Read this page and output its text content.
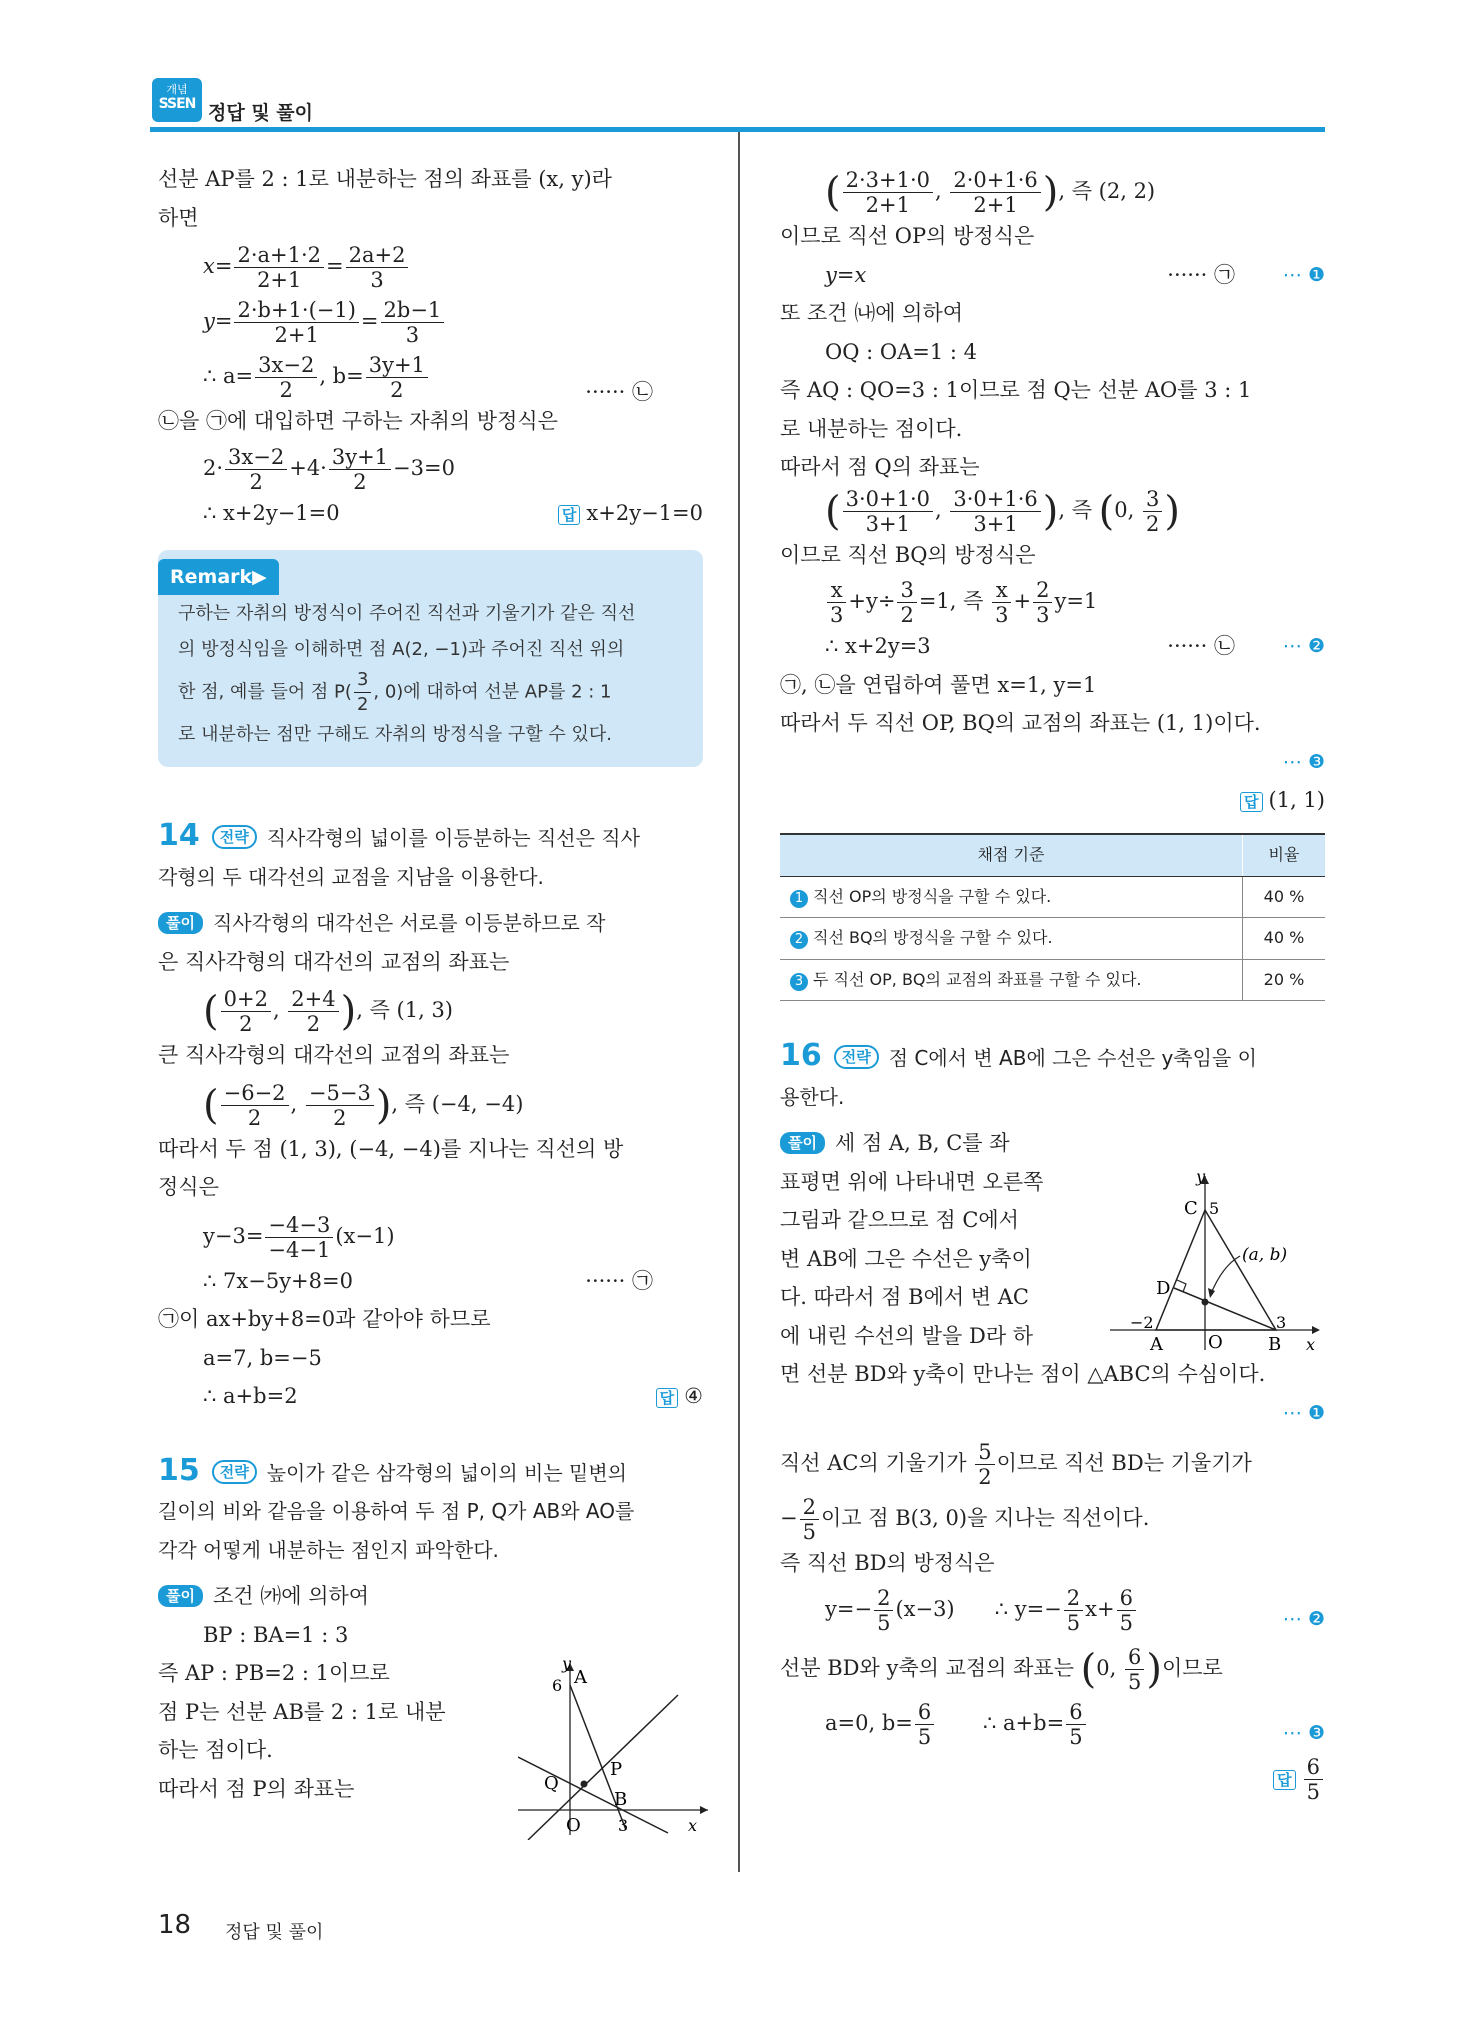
개념
SSEN 정답 및 풀이

선분 AP를 2 : 1로 내분하는 점의 좌표를 (x, y)라

하면

$x= \frac{2\cdot a+1\cdot 2}{2+1} = \frac{2a+2}{3}$

$y= \frac{2\cdot b+1\cdot(-1)}{2+1} = \frac{2b-1}{3}$

∴ $a= \frac{3x-2}{2}$ , $b= \frac{3y+1}{2}$	······ ㉡

㉡을 ㉠에 대입하면 구하는 자취의 방정식은

$2\cdot \frac{3x-2}{2} +4\cdot \frac{3y+1}{2} -3=0$

∴ x+2y−1=0	답 x+2y−1=0

Remark▶
구하는 자취의 방정식이 주어진 직선과 기울기가 같은 직선
의 방정식임을 이해하면 점 A(2, −1)과 주어진 직선 위의
한 점, 예를 들어 점 $P( \frac{3}{2}$ , 0)에 대하여 선분 AP를 2 : 1
로 내분하는 점만 구해도 자취의 방정식을 구할 수 있다.

14 전략 직사각형의 넓이를 이등분하는 직선은 직사

각형의 두 대각선의 교점을 지남을 이용한다.

풀이 직사각형의 대각선은 서로를 이등분하므로 작

은 직사각형의 대각선의 교점의 좌표는

( $\frac{0+2}{2}$ , $\frac{2+4}{2}$ ), 즉 (1, 3)

큰 직사각형의 대각선의 교점의 좌표는

( $\frac{-6-2}{2}$ , $\frac{-5-3}{2}$ ), 즉 (−4, −4)

따라서 두 점 (1, 3), (−4, −4)를 지나는 직선의 방

정식은

$y-3= \frac{-4-3}{-4-1} (x-1)$

∴ 7x−5y+8=0	······ ㉠

㉠이 ax+by+8=0과 같아야 하므로

a=7, b=−5

∴ a+b=2	답 ④

15 전략 높이가 같은 삼각형의 넓이의 비는 밑변의

길이의 비와 같음을 이용하여 두 점 P, Q가 AB와 AO를

각각 어떻게 내분하는 점인지 파악한다.

풀이 조건 ㈎에 의하여

BP : BA=1 : 3

즉 AP : PB=2 : 1이므로

점 P는 선분 AB를 2 : 1로 내분

하는 점이다.

따라서 점 P의 좌표는

y
A
6
P
Q
B
O 3	x

( $\frac{2\cdot 3+1\cdot 0}{2+1}$ , $\frac{2\cdot 0+1\cdot 6}{2+1}$ ), 즉 (2, 2)

이므로 직선 OP의 방정식은

y=x	······ ㉠	⋯ ❶

또 조건 ㈏에 의하여

OQ : OA=1 : 4

즉 AQ : QO=3 : 1이므로 점 Q는 선분 AO를 3 : 1

로 내분하는 점이다.

따라서 점 Q의 좌표는

( $\frac{3\cdot 0+1\cdot 0}{3+1}$ , $\frac{3\cdot 0+1\cdot 6}{3+1}$ ), 즉 (0, $\frac{3}{2}$ )

이므로 직선 BQ의 방정식은

$\frac{x}{3} +y\div \frac{3}{2} =1$, 즉 $\frac{x}{3} + \frac{2}{3} y=1$

∴ x+2y=3	······ ㉡	⋯ ❷

㉠, ㉡을 연립하여 풀면 x=1, y=1

따라서 두 직선 OP, BQ의 교점의 좌표는 (1, 1)이다.

⋯ ❸

답 (1, 1)

채점 기준	비율
1 직선 OP의 방정식을 구할 수 있다.	40 %
2 직선 BQ의 방정식을 구할 수 있다.	40 %
3 두 직선 OP, BQ의 교점의 좌표를 구할 수 있다.	20 %

16 전략 점 C에서 변 AB에 그은 수선은 y축임을 이

용한다.

풀이 세 점 A, B, C를 좌

표평면 위에 나타내면 오른쪽

그림과 같으므로 점 C에서

변 AB에 그은 수선은 y축이

다. 따라서 점 B에서 변 AC

에 내린 수선의 발을 D라 하

면 선분 BD와 y축이 만나는 점이 △ABC의 수심이다.

⋯ ❶

직선 AC의 기울기가 $\frac{5}{2}$ 이므로 직선 BD는 기울기가

− $\frac{2}{5}$ 이고 점 B(3, 0)을 지나는 직선이다.

즉 직선 BD의 방정식은

$y=- \frac{2}{5} (x-3)$ ∴ $y=- \frac{2}{5} x+ \frac{6}{5}$	⋯ ❷

선분 BD와 y축의 교점의 좌표는 (0, $\frac{6}{5}$ )이므로

a=0, $b= \frac{6}{5}$ ∴ $a+b= \frac{6}{5}$	⋯ ❸

답 $\frac{6}{5}$

y
C 5
D
(a, b)
−2	3
A	O	B x
18 정답 및 풀이
